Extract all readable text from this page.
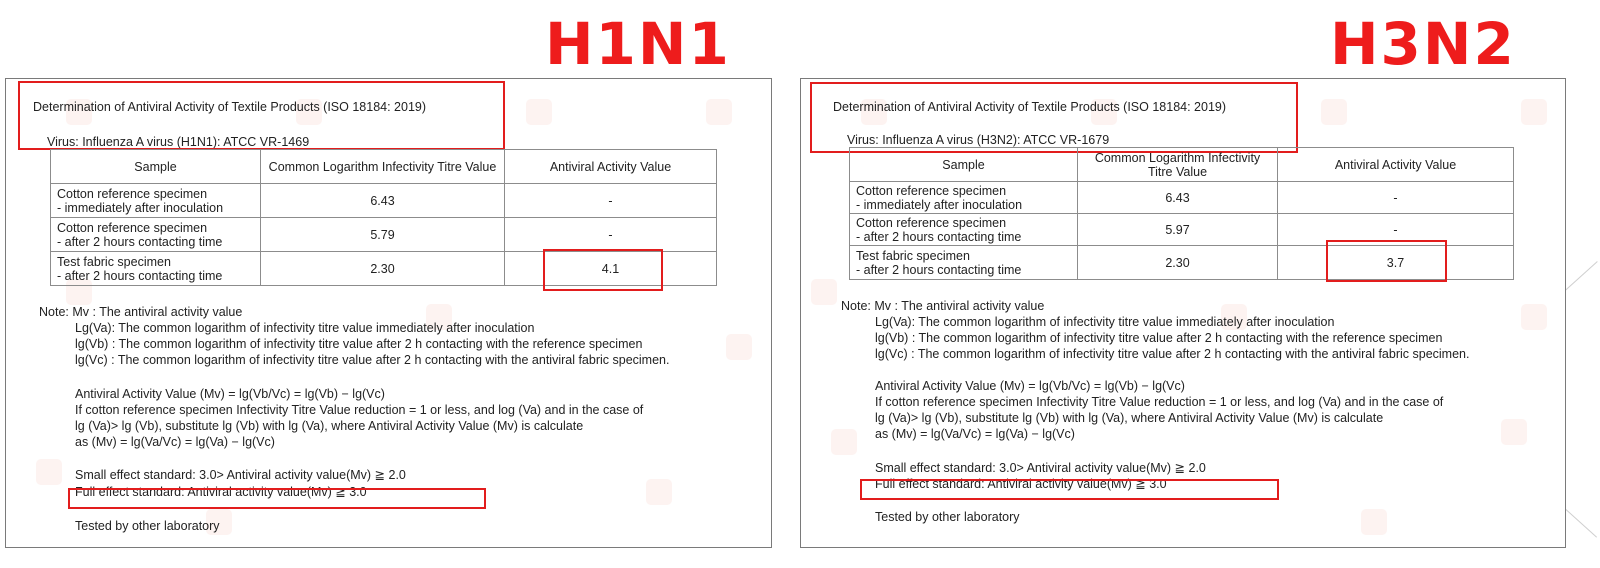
H1N1	H3N2
Determination of Antiviral Activity of Textile Products (ISO 18184: 2019)
Virus: Influenza A virus (H1N1): ATCC VR-1469
Sample	Common Logarithm Infectivity Titre Value	Antiviral Activity Value

Cotton reference specimen
- immediately after inoculation	6.43	-

Cotton reference specimen
- after 2 hours contacting time	5.79	-

Test fabric specimen
- after 2 hours contacting time	2.30	4.1
Note: Mv : The antiviral activity value
Lg(Va): The common logarithm of infectivity titre value immediately after inoculation
lg(Vb) : The common logarithm of infectivity titre value after 2 h contacting with the reference specimen
lg(Vc) : The common logarithm of infectivity titre value after 2 h contacting with the antiviral fabric specimen.
Antiviral Activity Value (Mv) = lg(Vb/Vc) = lg(Vb) − lg(Vc)
If cotton reference specimen Infectivity Titre Value reduction = 1 or less, and log (Va) and in the case of
lg (Va)> lg (Vb), substitute lg (Vb) with lg (Va), where Antiviral Activity Value (Mv) is calculate
as (Mv) = lg(Va/Vc) = lg(Va) − lg(Vc)
Small effect standard: 3.0> Antiviral activity value(Mv) ≧ 2.0
Full effect standard: Antiviral activity value(Mv) ≧ 3.0
Tested by other laboratory
Determination of Antiviral Activity of Textile Products (ISO 18184: 2019)
Virus: Influenza A virus (H3N2): ATCC VR-1679
Sample	Common Logarithm Infectivity Titre Value	Antiviral Activity Value

Cotton reference specimen
- immediately after inoculation	6.43	-

Cotton reference specimen
- after 2 hours contacting time	5.97	-

Test fabric specimen
- after 2 hours contacting time	2.30	3.7
Note: Mv : The antiviral activity value
Lg(Va): The common logarithm of infectivity titre value immediately after inoculation
lg(Vb) : The common logarithm of infectivity titre value after 2 h contacting with the reference specimen
lg(Vc) : The common logarithm of infectivity titre value after 2 h contacting with the antiviral fabric specimen.
Antiviral Activity Value (Mv) = lg(Vb/Vc) = lg(Vb) − lg(Vc)
If cotton reference specimen Infectivity Titre Value reduction = 1 or less, and log (Va) and in the case of
lg (Va)> lg (Vb), substitute lg (Vb) with lg (Va), where Antiviral Activity Value (Mv) is calculate
as (Mv) = lg(Va/Vc) = lg(Va) − lg(Vc)
Small effect standard: 3.0> Antiviral activity value(Mv) ≧ 2.0
Full effect standard: Antiviral activity value(Mv) ≧ 3.0
Tested by other laboratory
